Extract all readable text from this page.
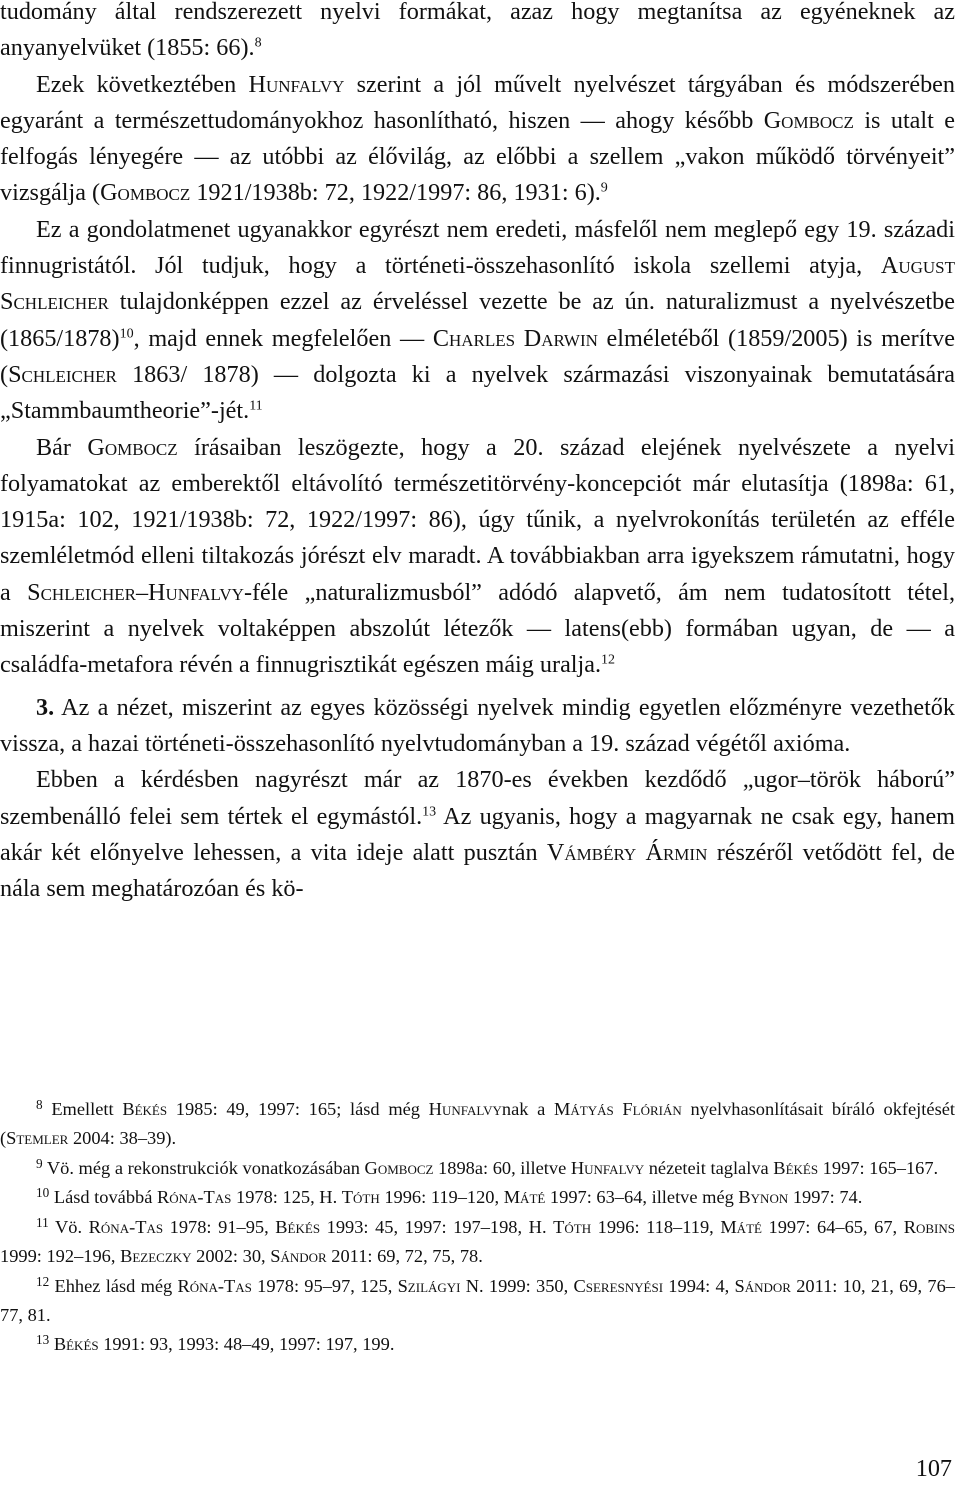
tudomány által rendszerezett nyelvi formákat, azaz hogy megtanítsa az egyéneknek az anyanyelvüket (1855: 66).$^8$

Ezek következtében Hunfalvy szerint a jól művelt nyelvészet tárgyában és módszerében egyaránt a természettudományokhoz hasonlítható, hiszen — ahogy később Gombocz is utalt e felfogás lényegére — az utóbbi az élővilág, az előbbi a szellem „vakon működő törvényeit” vizsgálja (Gombocz 1921/1938b: 72, 1922/1997: 86, 1931: 6).$^9$

Ez a gondolatmenet ugyanakkor egyrészt nem eredeti, másfelől nem meglepő egy 19. századi finnugristától. Jól tudjuk, hogy a történeti-összehasonlító iskola szellemi atyja, August Schleicher tulajdonképpen ezzel az érveléssel vezette be az ún. naturalizmust a nyelvészetbe $(1865/1878)^{10}$, majd ennek megfelelően — Charles Darwin elméletéből (1859/2005) is merítve (Schleicher 1863/ 1878) — dolgozta ki a nyelvek származási viszonyainak bemutatására „Stammbaumtheorie”-jét.$^{11}$

Bár Gombocz írásaiban leszögezte, hogy a 20. század elejének nyelvészete a nyelvi folyamatokat az emberektől eltávolító természetitörvény-koncepciót már elutasítja (1898a: 61, 1915a: 102, 1921/1938b: 72, 1922/1997: 86), úgy tűnik, a nyelvrokonítás területén az efféle szemléletmód elleni tiltakozás jórészt elv maradt. A továbbiakban arra igyekszem rámutatni, hogy a Schleicher–Hunfalvy-féle „naturalizmusból” adódó alapvető, ám nem tudatosított tétel, miszerint a nyelvek voltaképpen abszolút létezők — latens(ebb) formában ugyan, de — a családfa-metafora révén a finnugrisztikát egészen máig uralja.$^{12}$

3. Az a nézet, miszerint az egyes közösségi nyelvek mindig egyetlen előzményre vezethetők vissza, a hazai történeti-összehasonlító nyelvtudományban a 19. század végétől axióma.

Ebben a kérdésben nagyrészt már az 1870-es években kezdődő „ugor–török háború” szembenálló felei sem tértek el egymástól.$^{13}$ Az ugyanis, hogy a magyarnak ne csak egy, hanem akár két előnyelve lehessen, a vita ideje alatt pusztán Vámbéry Ármin részéről vetődött fel, de nála sem meghatározóan és kö-

$^8$ Emellett Békés 1985: 49, 1997: 165; lásd még Hunfalvynak a Mátyás Flórián nyelvhasonlításait bíráló okfejtését (Stemler 2004: 38–39).

$^9$ Vö. még a rekonstrukciók vonatkozásában Gombocz 1898a: 60, illetve Hunfalvy nézeteit taglalva Békés 1997: 165–167.

$^{10}$ Lásd továbbá Róna-Tas 1978: 125, H. Tóth 1996: 119–120, Máté 1997: 63–64, illetve még Bynon 1997: 74.

$^{11}$ Vö. Róna-Tas 1978: 91–95, Békés 1993: 45, 1997: 197–198, H. Tóth 1996: 118–119, Máté 1997: 64–65, 67, Robins 1999: 192–196, Bezeczky 2002: 30, Sándor 2011: 69, 72, 75, 78.

$^{12}$ Ehhez lásd még Róna-Tas 1978: 95–97, 125, Szilágyi N. 1999: 350, Cseresnyési 1994: 4, Sándor 2011: 10, 21, 69, 76–77, 81.

$^{13}$ Békés 1991: 93, 1993: 48–49, 1997: 197, 199.

107
